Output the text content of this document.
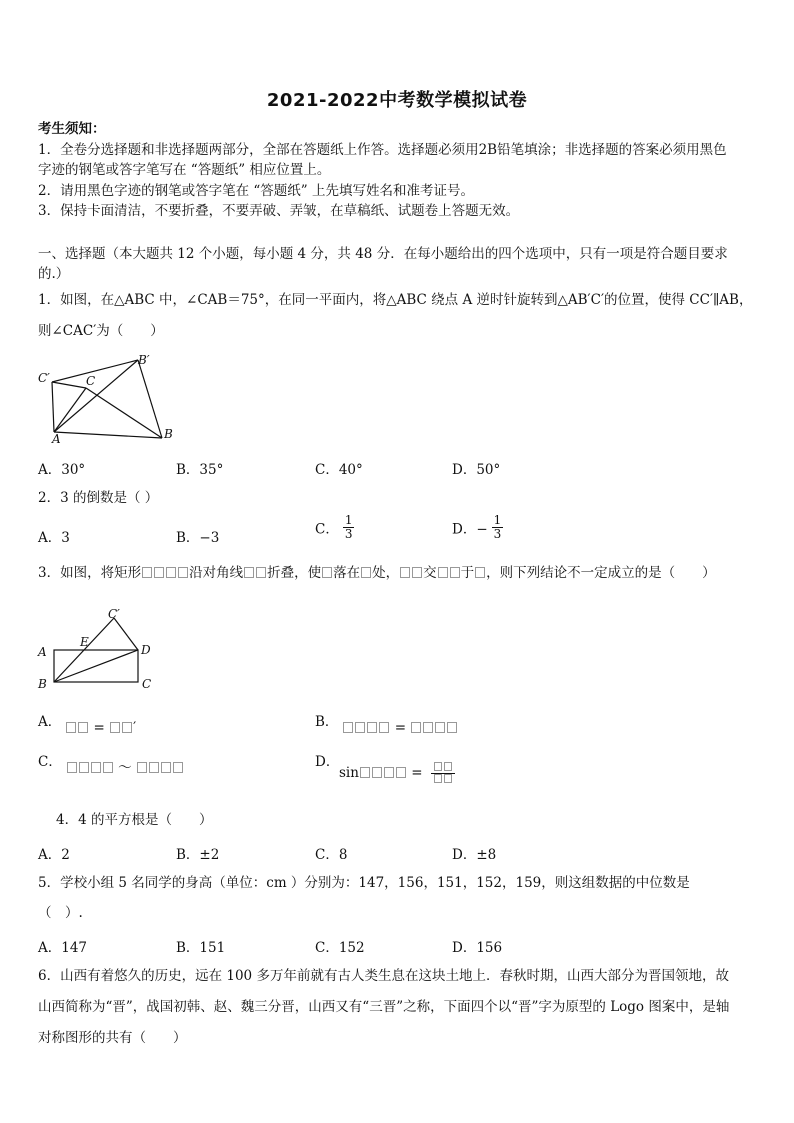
2021-2022中考数学模拟试卷
考生须知：
1．全卷分选择题和非选择题两部分，全部在答题纸上作答。选择题必须用2B铅笔填涂；非选择题的答案必须用黑色
字迹的钢笔或答字笔写在 “答题纸” 相应位置上。
2．请用黑色字迹的钢笔或答字笔在 “答题纸” 上先填写姓名和准考证号。
3．保持卡面清洁，不要折叠，不要弄破、弄皱，在草稿纸、试题卷上答题无效。
一、选择题（本大题共 12 个小题，每小题 4 分，共 48 分．在每小题给出的四个选项中，只有一项是符合题目要求
的.）
1．如图，在△ABC 中，∠CAB＝75°，在同一平面内，将△ABC 绕点 A 逆时针旋转到△AB′C′的位置，使得 CC′∥AB，
则∠CAC′为（　　）
C′	C
B′
A	B
A．30°	B．35°	C．40°	D．50°
2．3 的倒数是（ ）
A．3	B．−3
C． $\frac{1}{3}$	D．− $\frac{1}{3}$
3．如图，将矩形	沿对角线 折叠，使 落在 处， 交 于 ，则下列结论不一定成立的是（　　）
C′
E
A	D
B	C
A． = ′	B．	=
C．	～	D．
sin	=
4．4 的平方根是（　　）
A．2	B．±2	C．8	D．±8
5．学校小组 5 名同学的身高（单位：cm ）分别为：147，156，151，152，159，则这组数据的中位数是
（　）.
A．147	B．151	C．152	D．156
6．山西有着悠久的历史，远在 100 多万年前就有古人类生息在这块土地上．春秋时期，山西大部分为晋国领地，故
山西简称为“晋”，战国初韩、赵、魏三分晋，山西又有“三晋”之称，下面四个以“晋”字为原型的 Logo 图案中，是轴
对称图形的共有（　　）
